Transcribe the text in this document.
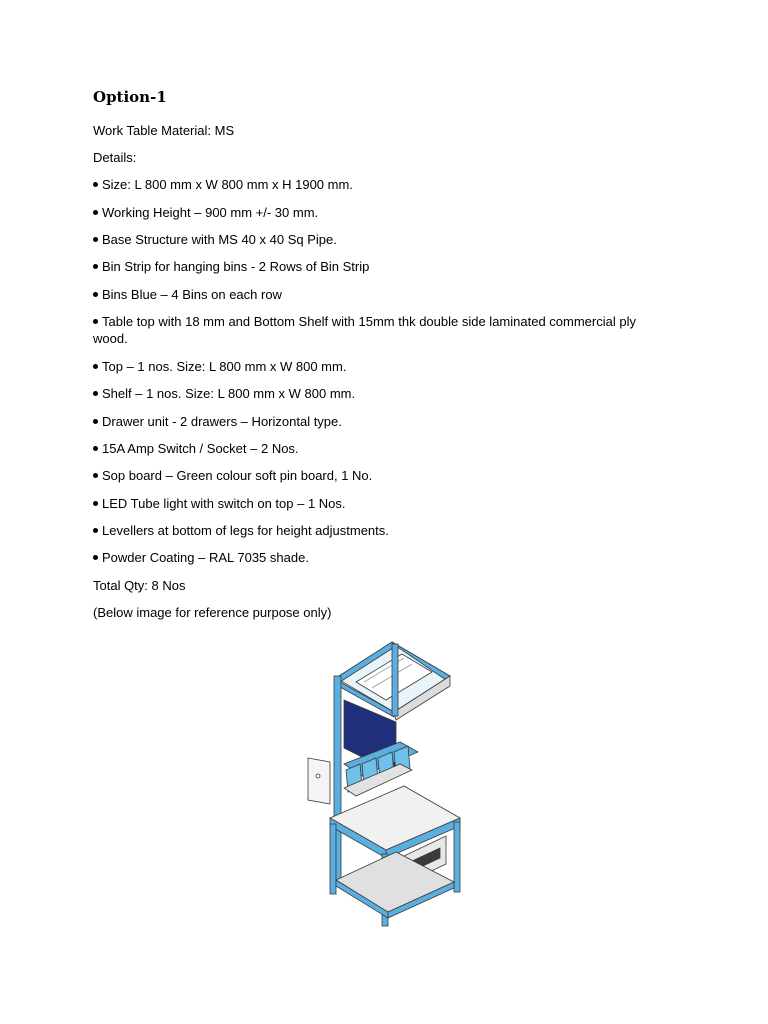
Option-1

Work Table Material: MS

Details:

Size: L 800 mm x W 800 mm x H 1900 mm.

Working Height – 900 mm +/- 30 mm.

Base Structure with MS 40 x 40 Sq Pipe.

Bin Strip for hanging bins - 2 Rows of Bin Strip

Bins Blue – 4 Bins on each row

Table top with 18 mm and Bottom Shelf with 15mm thk double side laminated commercial ply wood.

Top – 1 nos. Size: L 800 mm x W 800 mm.

Shelf – 1 nos. Size: L 800 mm x W 800 mm.

Drawer unit - 2 drawers – Horizontal type.

15A Amp Switch / Socket – 2 Nos.

Sop board – Green colour soft pin board, 1 No.

LED Tube light with switch on top – 1 Nos.

Levellers at bottom of legs for height adjustments.

Powder Coating – RAL 7035 shade.

Total Qty: 8 Nos

(Below image for reference purpose only)
